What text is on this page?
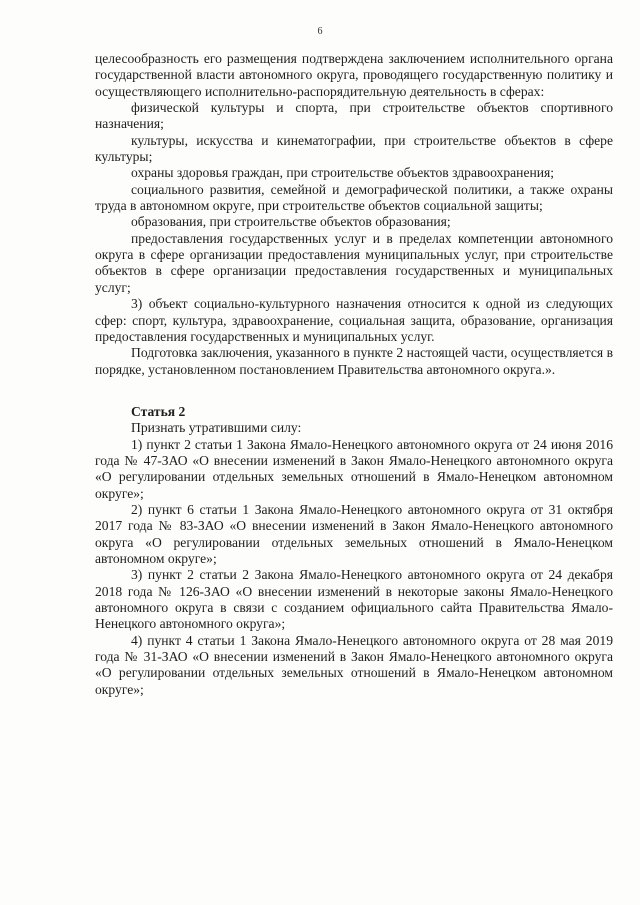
6

целесообразность его размещения подтверждена заключением исполнительного органа государственной власти автономного округа, проводящего государственную политику и осуществляющего исполнительно-распорядительную деятельность в сферах:

физической культуры и спорта, при строительстве объектов спортивного назначения;

культуры, искусства и кинематографии, при строительстве объектов в сфере культуры;

охраны здоровья граждан, при строительстве объектов здравоохранения;

социального развития, семейной и демографической политики, а также охраны труда в автономном округе, при строительстве объектов социальной защиты;

образования, при строительстве объектов образования;

предоставления государственных услуг и в пределах компетенции автономного округа в сфере организации предоставления муниципальных услуг, при строительстве объектов в сфере организации предоставления государственных и муниципальных услуг;

3) объект социально-культурного назначения относится к одной из следующих сфер: спорт, культура, здравоохранение, социальная защита, образование, организация предоставления государственных и муниципальных услуг.

Подготовка заключения, указанного в пункте 2 настоящей части, осуществляется в порядке, установленном постановлением Правительства автономного округа.».

Статья 2

Признать утратившими силу:

1) пункт 2 статьи 1 Закона Ямало-Ненецкого автономного округа от 24 июня 2016 года № 47-ЗАО «О внесении изменений в Закон Ямало-Ненецкого автономного округа «О регулировании отдельных земельных отношений в Ямало-Ненецком автономном округе»;

2) пункт 6 статьи 1 Закона Ямало-Ненецкого автономного округа от 31 октября 2017 года № 83-ЗАО «О внесении изменений в Закон Ямало-Ненецкого автономного округа «О регулировании отдельных земельных отношений в Ямало-Ненецком автономном округе»;

3) пункт 2 статьи 2 Закона Ямало-Ненецкого автономного округа от 24 декабря 2018 года № 126-ЗАО «О внесении изменений в некоторые законы Ямало-Ненецкого автономного округа в связи с созданием официального сайта Правительства Ямало-Ненецкого автономного округа»;

4) пункт 4 статьи 1 Закона Ямало-Ненецкого автономного округа от 28 мая 2019 года № 31-ЗАО «О внесении изменений в Закон Ямало-Ненецкого автономного округа «О регулировании отдельных земельных отношений в Ямало-Ненецком автономном округе»;
